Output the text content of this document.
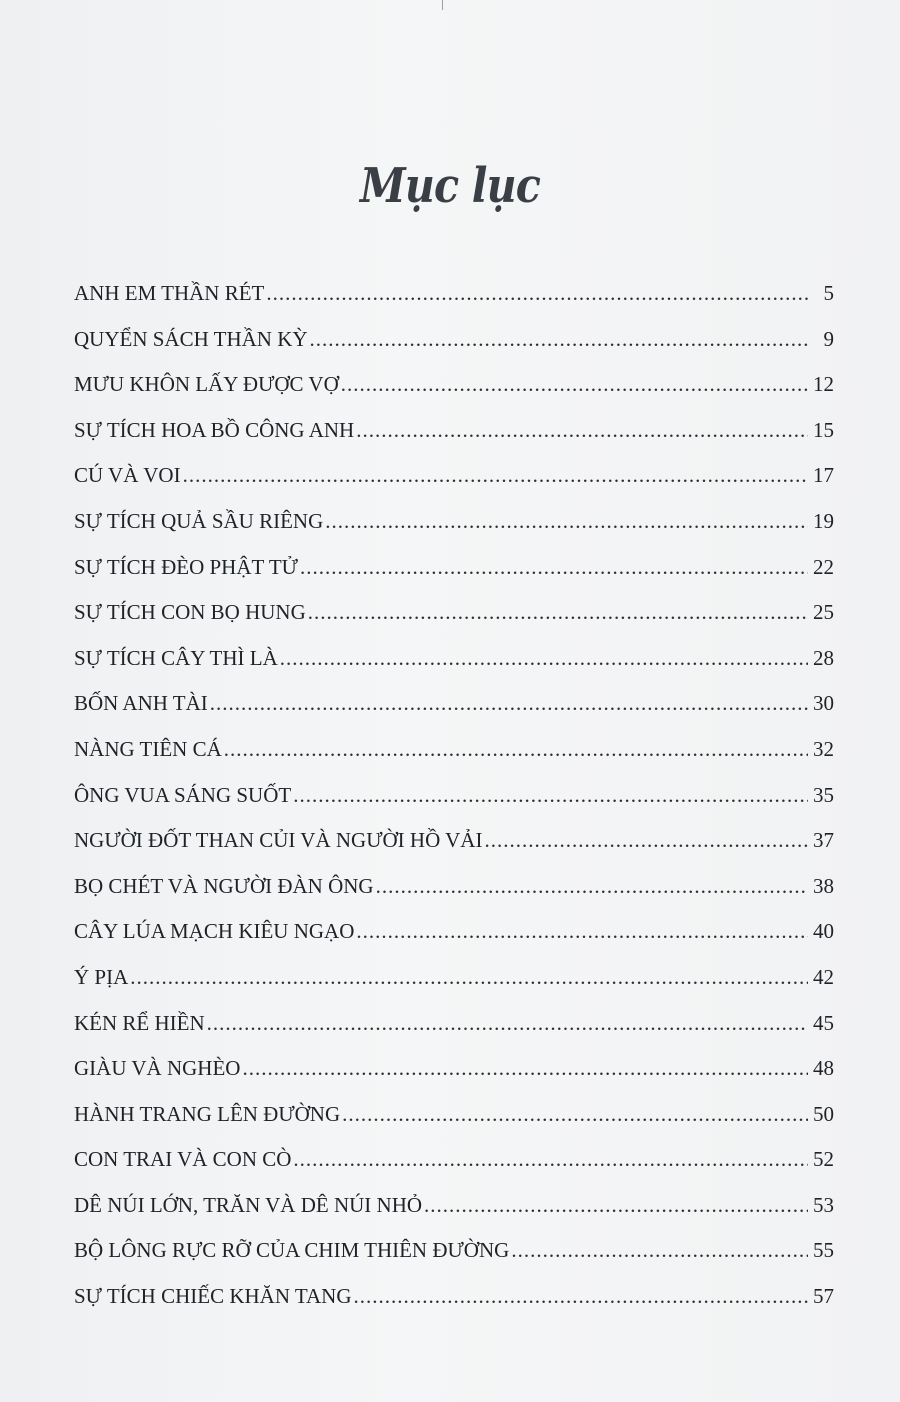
Mục lục
ANH EM THẦN RÉT .....	5
QUYỂN SÁCH THẦN KỲ .....	9
MƯU KHÔN LẤY ĐƯỢC VỢ .....	12
SỰ TÍCH HOA BỒ CÔNG ANH .....	15
CÚ VÀ VOI .....	17
SỰ TÍCH QUẢ SẦU RIÊNG .....	19
SỰ TÍCH ĐÈO PHẬT TỬ .....	22
SỰ TÍCH CON BỌ HUNG .....	25
SỰ TÍCH CÂY THÌ LÀ .....	28
BỐN ANH TÀI .....	30
NÀNG TIÊN CÁ .....	32
ÔNG VUA SÁNG SUỐT .....	35
NGƯỜI ĐỐT THAN CỦI VÀ NGƯỜI HỒ VẢI .....	37
BỌ CHÉT VÀ NGƯỜI ĐÀN ÔNG .....	38
CÂY LÚA MẠCH KIÊU NGẠO .....	40
Ý PỊA .....	42
KÉN RỂ HIỀN .....	45
GIÀU VÀ NGHÈO .....	48
HÀNH TRANG LÊN ĐƯỜNG .....	50
CON TRAI VÀ CON CÒ .....	52
DÊ NÚI LỚN, TRĂN VÀ DÊ NÚI NHỎ .....	53
BỘ LÔNG RỰC RỠ CỦA CHIM THIÊN ĐƯỜNG .....	55
SỰ TÍCH CHIẾC KHĂN TANG .....	57
